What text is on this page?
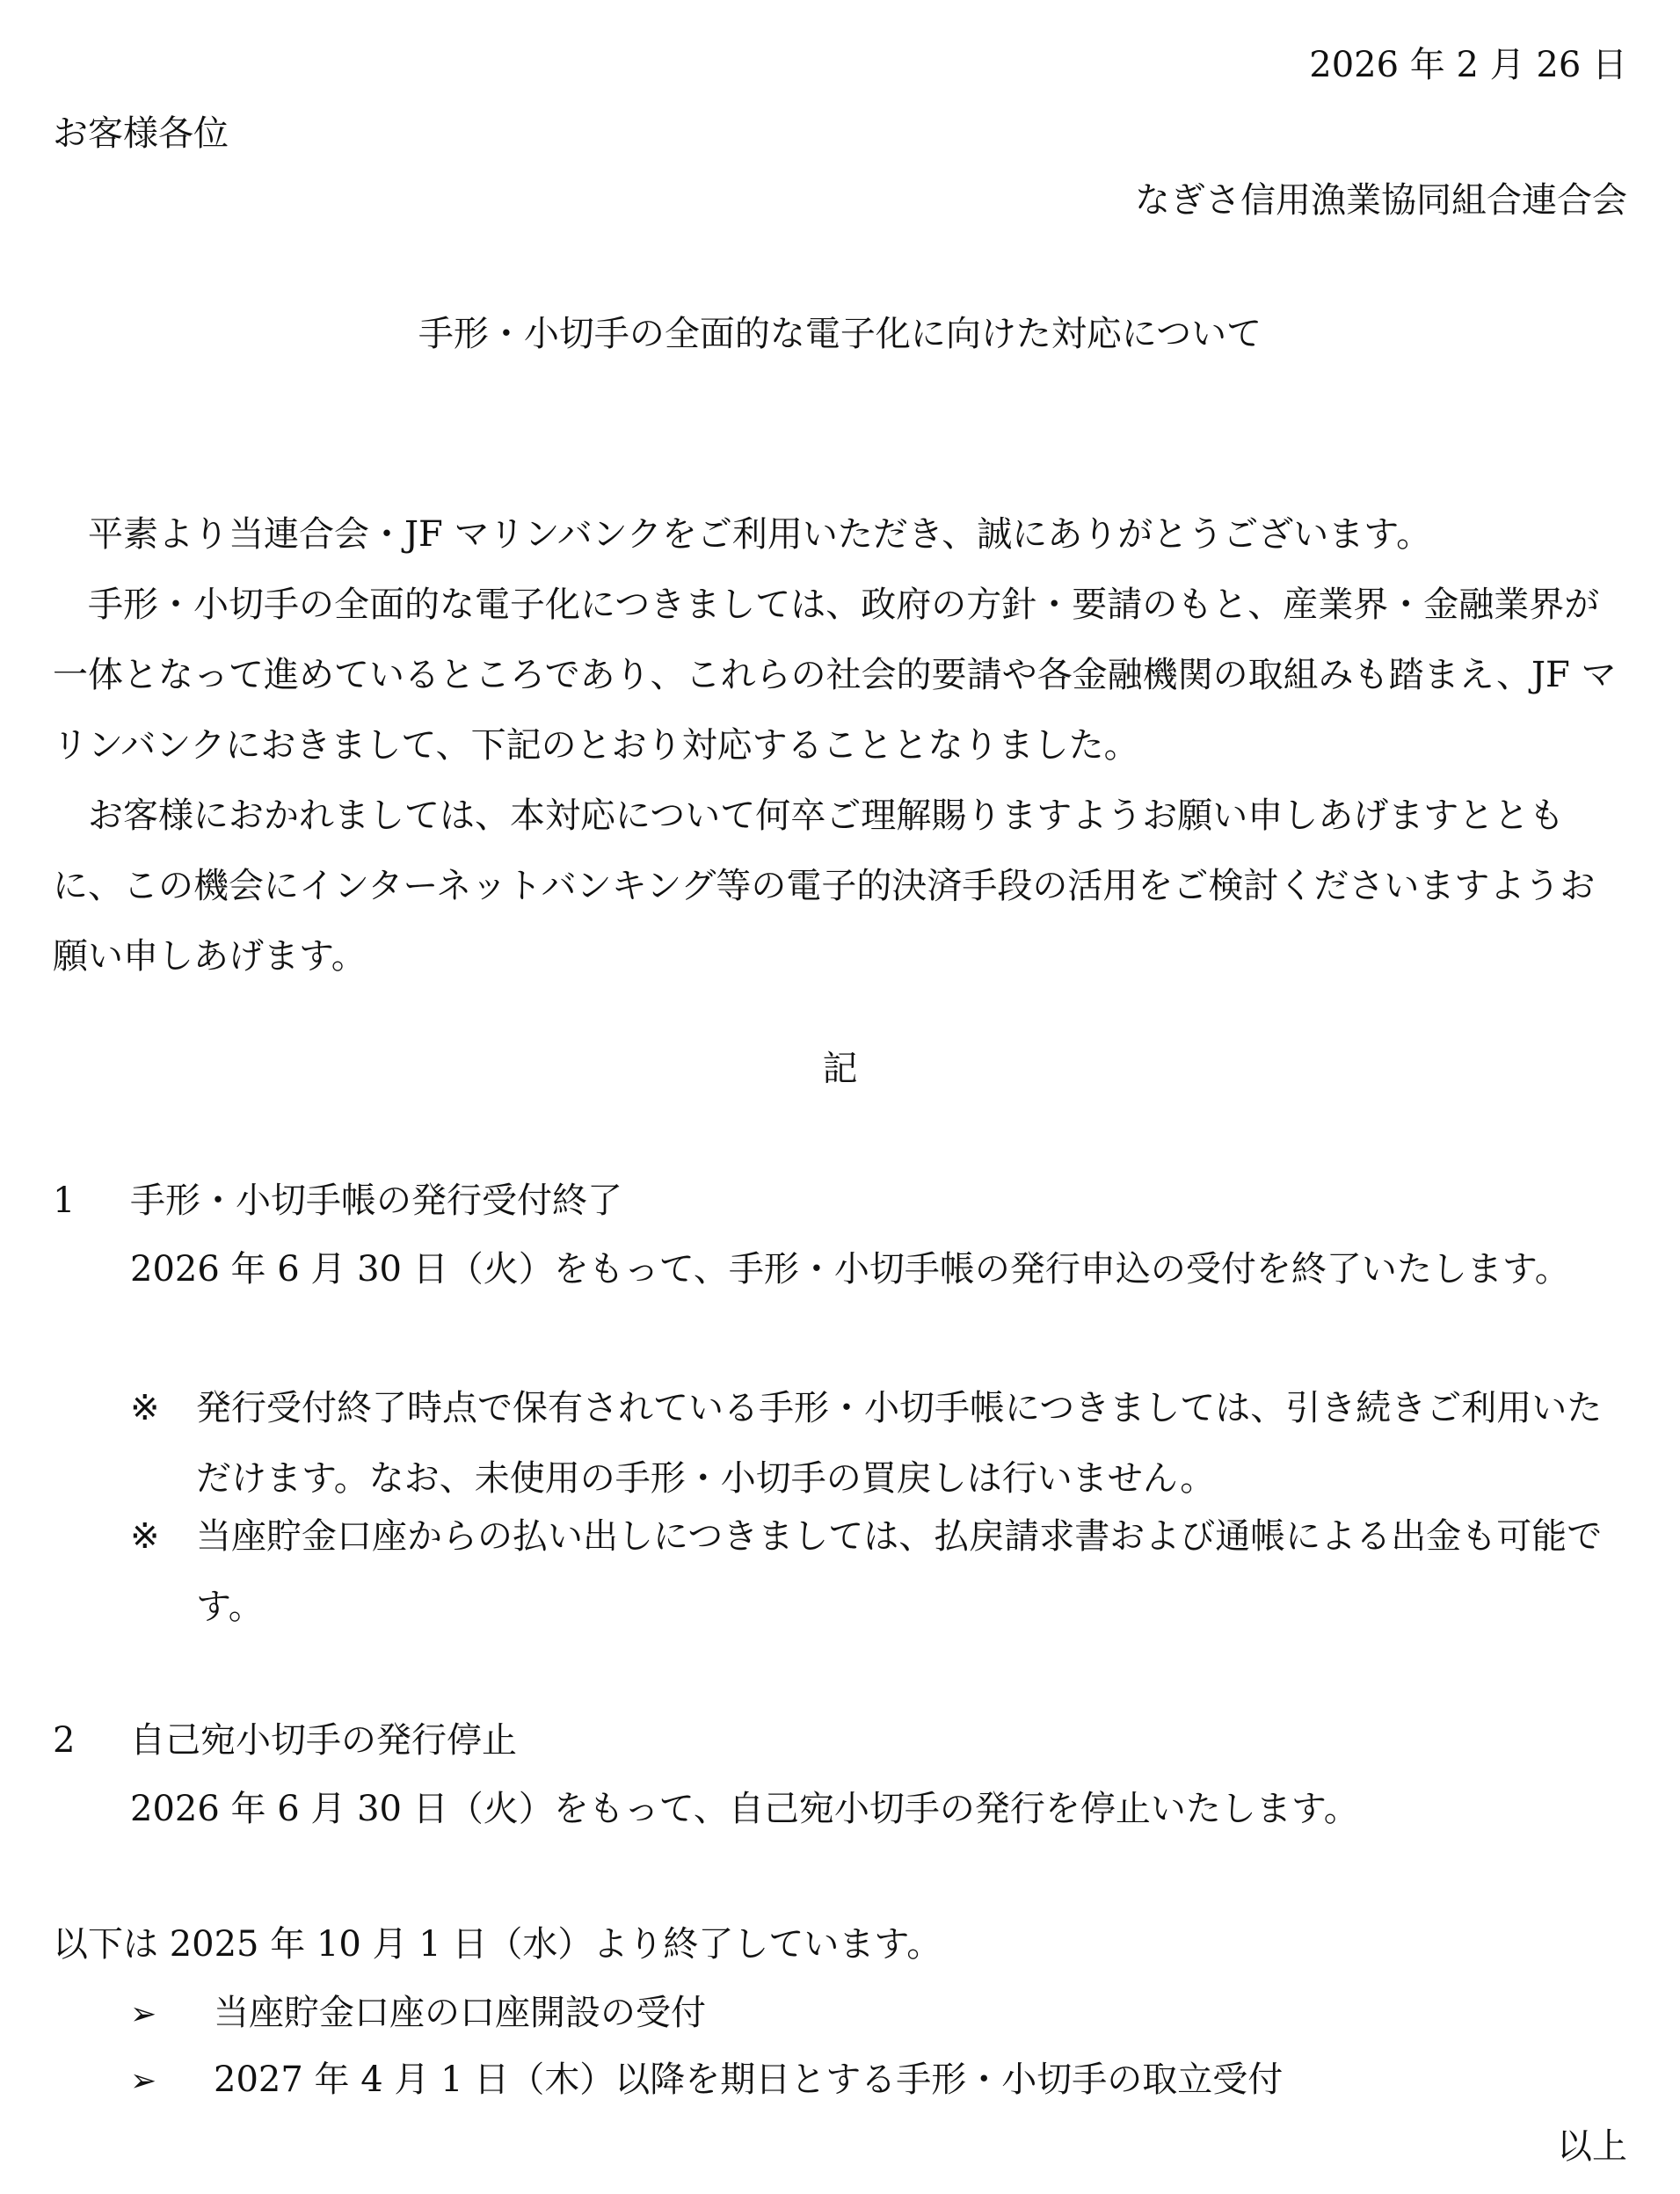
2026 年 2 月 26 日
お客様各位
なぎさ信用漁業協同組合連合会
手形・小切手の全面的な電子化に向けた対応について
平素より当連合会・JF マリンバンクをご利用いただき、誠にありがとうございます。
手形・小切手の全面的な電子化につきましては、政府の方針・要請のもと、産業界・金融業界が一体となって進めているところであり、これらの社会的要請や各金融機関の取組みも踏まえ、JF マリンバンクにおきまして、下記のとおり対応することとなりました。
お客様におかれましては、本対応について何卒ご理解賜りますようお願い申しあげますとともに、この機会にインターネットバンキング等の電子的決済手段の活用をご検討くださいますようお願い申しあげます。
記
1 手形・小切手帳の発行受付終了
2026 年 6 月 30 日（火）をもって、手形・小切手帳の発行申込の受付を終了いたします。
※ 発行受付終了時点で保有されている手形・小切手帳につきましては、引き続きご利用いただけます。なお、未使用の手形・小切手の買戻しは行いません。
※ 当座貯金口座からの払い出しにつきましては、払戻請求書および通帳による出金も可能です。
2 自己宛小切手の発行停止
2026 年 6 月 30 日（火）をもって、自己宛小切手の発行を停止いたします。
以下は 2025 年 10 月 1 日（水）より終了しています。
➢ 当座貯金口座の口座開設の受付
➢ 2027 年 4 月 1 日（木）以降を期日とする手形・小切手の取立受付
以上
